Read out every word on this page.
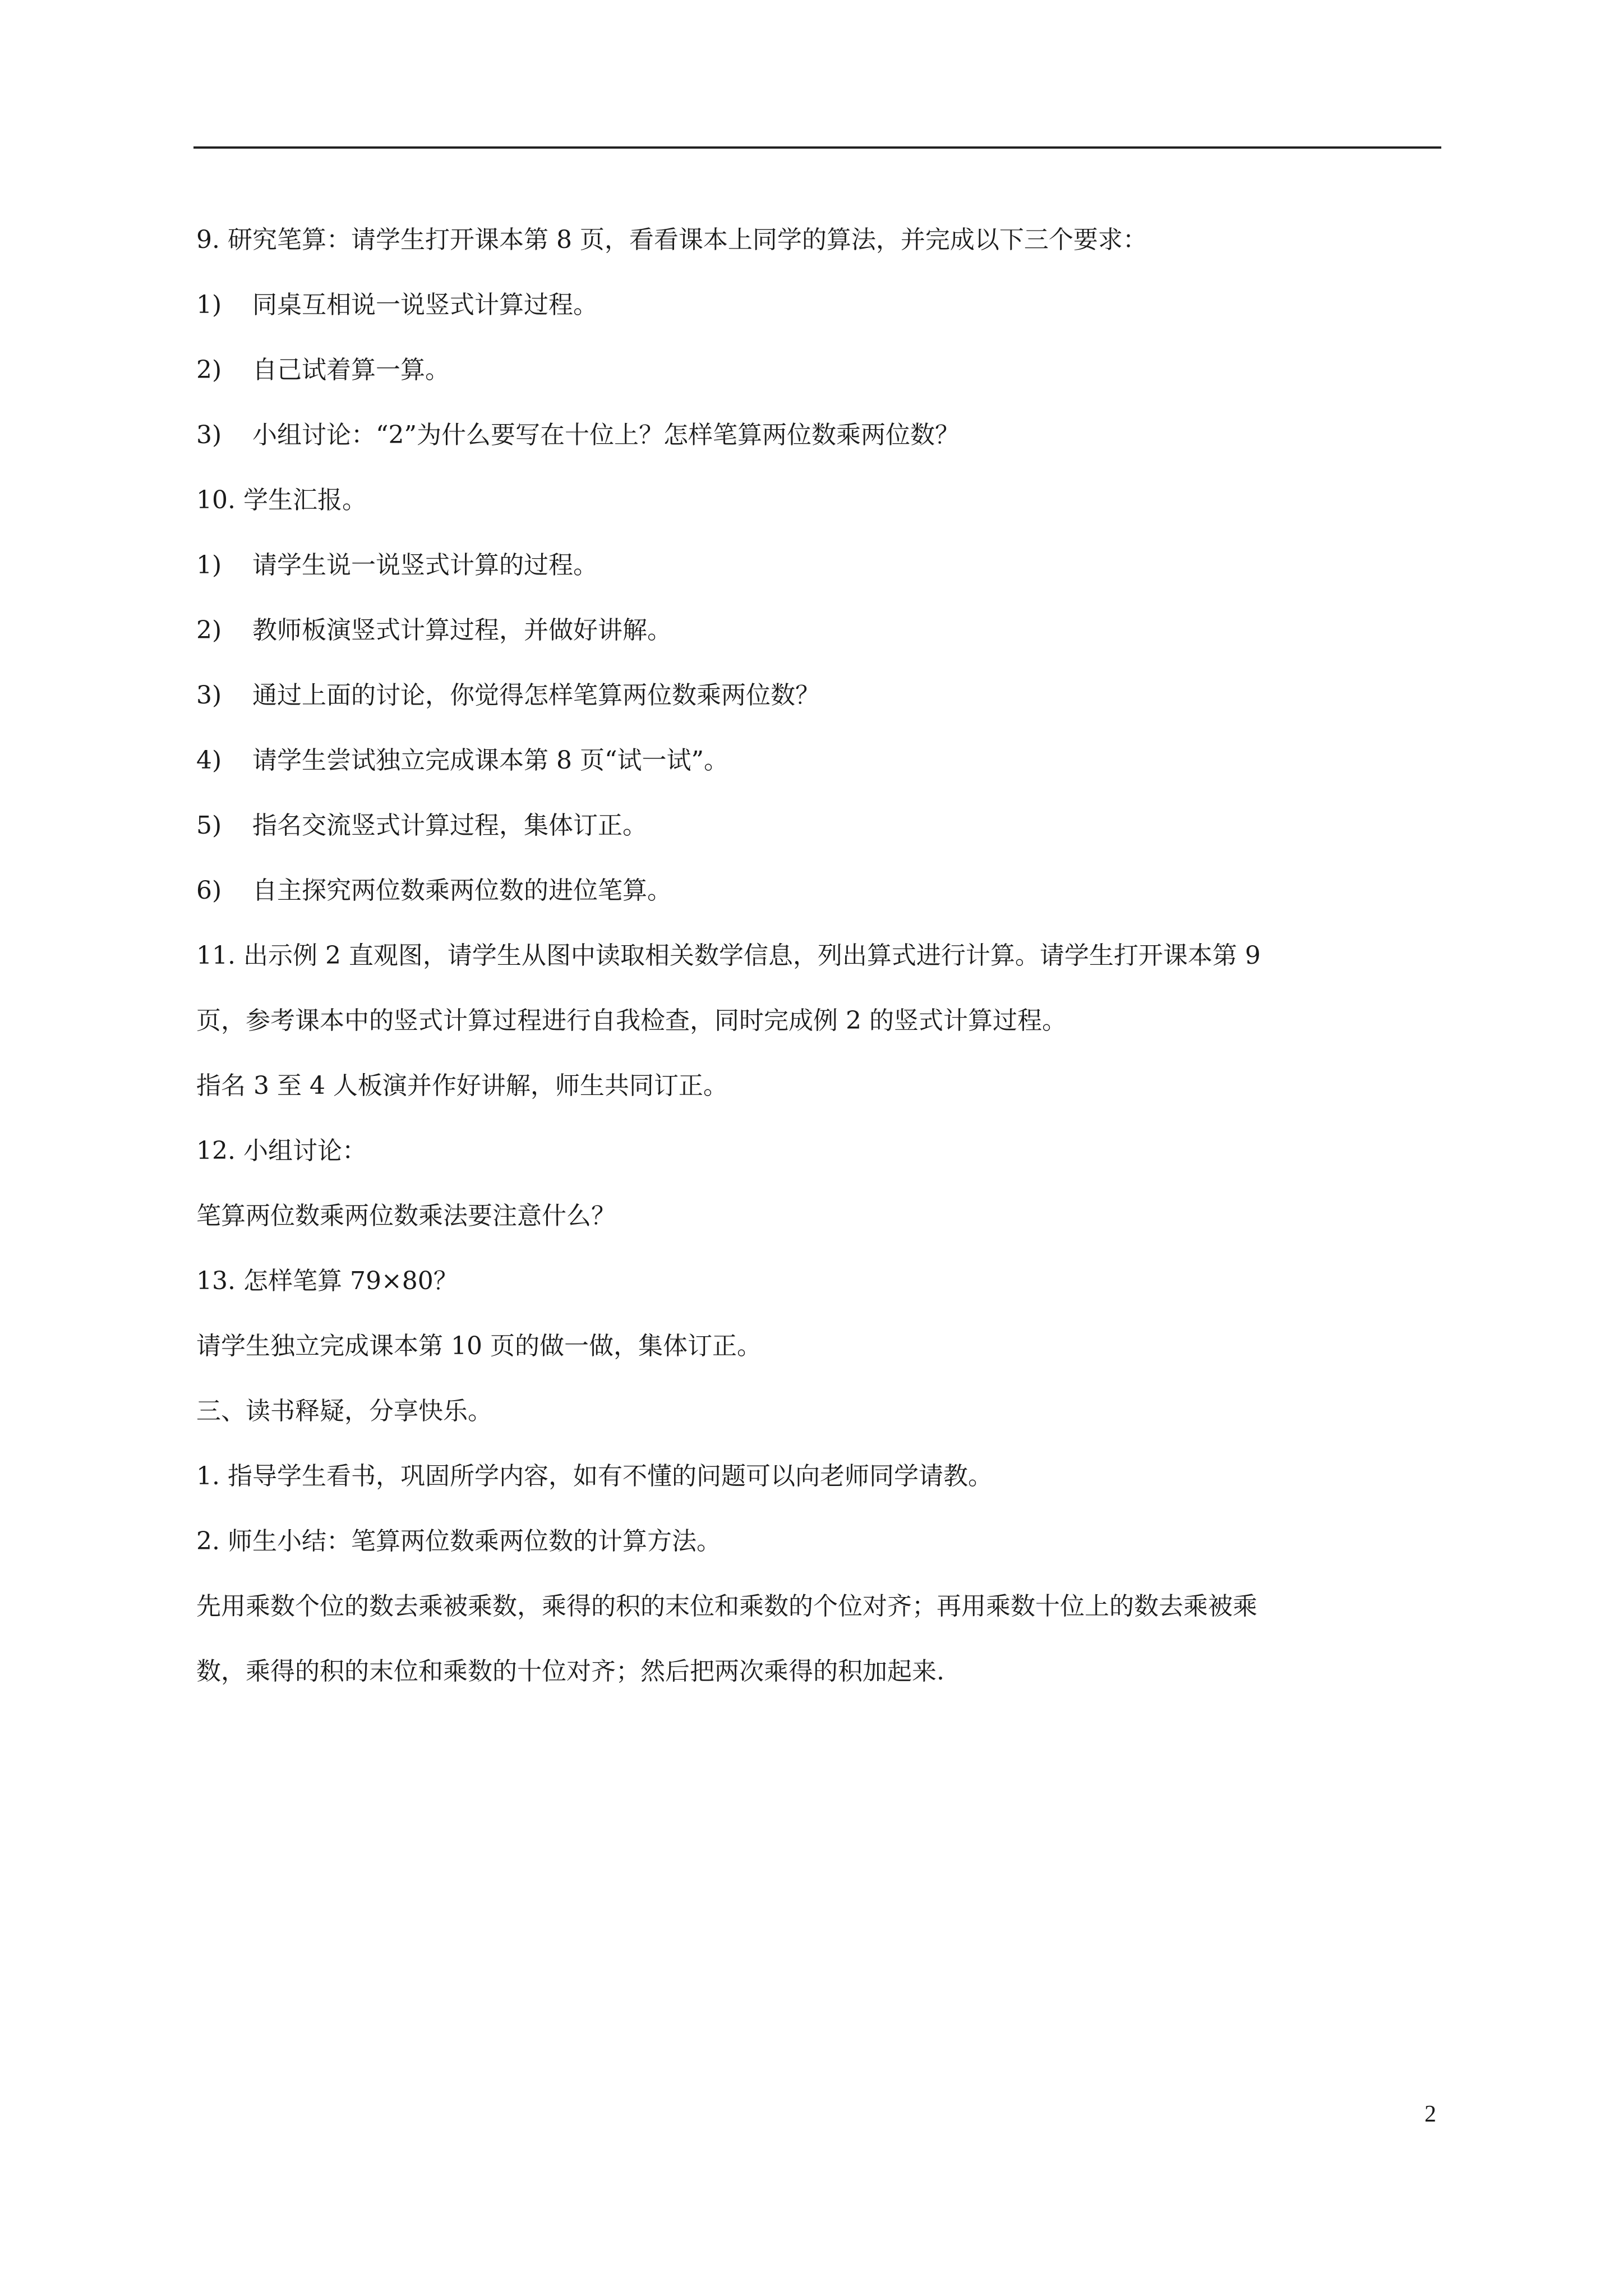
9. 研究笔算：请学生打开课本第 8 页，看看课本上同学的算法，并完成以下三个要求：
1) 同桌互相说一说竖式计算过程。
2) 自己试着算一算。
3) 小组讨论：“2”为什么要写在十位上？怎样笔算两位数乘两位数？
10. 学生汇报。
1) 请学生说一说竖式计算的过程。
2) 教师板演竖式计算过程，并做好讲解。
3) 通过上面的讨论，你觉得怎样笔算两位数乘两位数？
4) 请学生尝试独立完成课本第 8 页“试一试”。
5) 指名交流竖式计算过程，集体订正。
6) 自主探究两位数乘两位数的进位笔算。
11. 出示例 2 直观图，请学生从图中读取相关数学信息，列出算式进行计算。请学生打开课本第 9
页，参考课本中的竖式计算过程进行自我检查，同时完成例 2 的竖式计算过程。
指名 3 至 4 人板演并作好讲解，师生共同订正。
12. 小组讨论：
笔算两位数乘两位数乘法要注意什么？
13. 怎样笔算 79×80？
请学生独立完成课本第 10 页的做一做，集体订正。
三、读书释疑，分享快乐。
1. 指导学生看书，巩固所学内容，如有不懂的问题可以向老师同学请教。
2. 师生小结：笔算两位数乘两位数的计算方法。
先用乘数个位的数去乘被乘数，乘得的积的末位和乘数的个位对齐；再用乘数十位上的数去乘被乘
数，乘得的积的末位和乘数的十位对齐；然后把两次乘得的积加起来.
2
